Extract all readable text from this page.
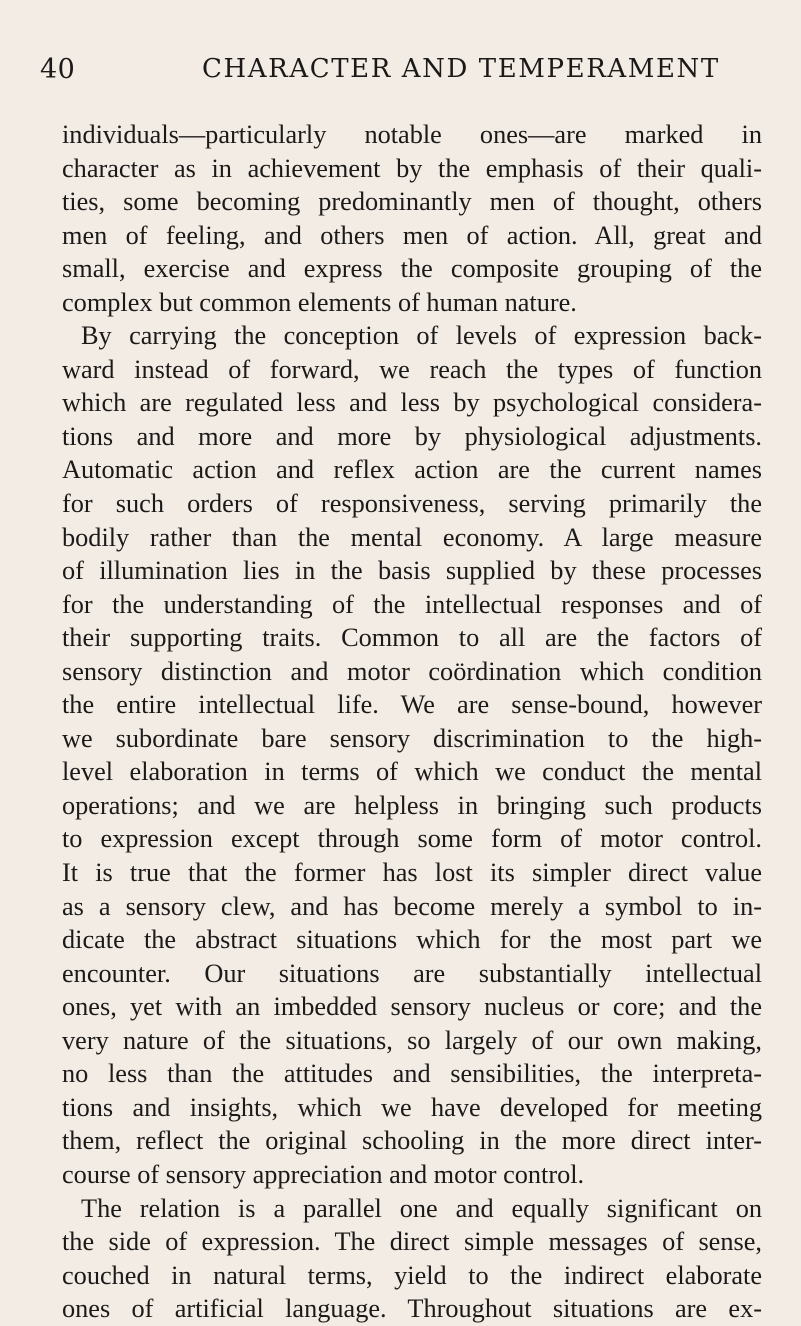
40	CHARACTER AND TEMPERAMENT
individuals—particularly notable ones—are marked in
character as in achievement by the emphasis of their quali-
ties, some becoming predominantly men of thought, others
men of feeling, and others men of action. All, great and
small, exercise and express the composite grouping of the
complex but common elements of human nature.
By carrying the conception of levels of expression back-
ward instead of forward, we reach the types of function
which are regulated less and less by psychological considera-
tions and more and more by physiological adjustments.
Automatic action and reflex action are the current names
for such orders of responsiveness, serving primarily the
bodily rather than the mental economy. A large measure
of illumination lies in the basis supplied by these processes
for the understanding of the intellectual responses and of
their supporting traits. Common to all are the factors of
sensory distinction and motor coördination which condition
the entire intellectual life. We are sense-bound, however
we subordinate bare sensory discrimination to the high-
level elaboration in terms of which we conduct the mental
operations; and we are helpless in bringing such products
to expression except through some form of motor control.
It is true that the former has lost its simpler direct value
as a sensory clew, and has become merely a symbol to in-
dicate the abstract situations which for the most part we
encounter. Our situations are substantially intellectual
ones, yet with an imbedded sensory nucleus or core; and the
very nature of the situations, so largely of our own making,
no less than the attitudes and sensibilities, the interpreta-
tions and insights, which we have developed for meeting
them, reflect the original schooling in the more direct inter-
course of sensory appreciation and motor control.
The relation is a parallel one and equally significant on
the side of expression. The direct simple messages of sense,
couched in natural terms, yield to the indirect elaborate
ones of artificial language. Throughout situations are ex-
